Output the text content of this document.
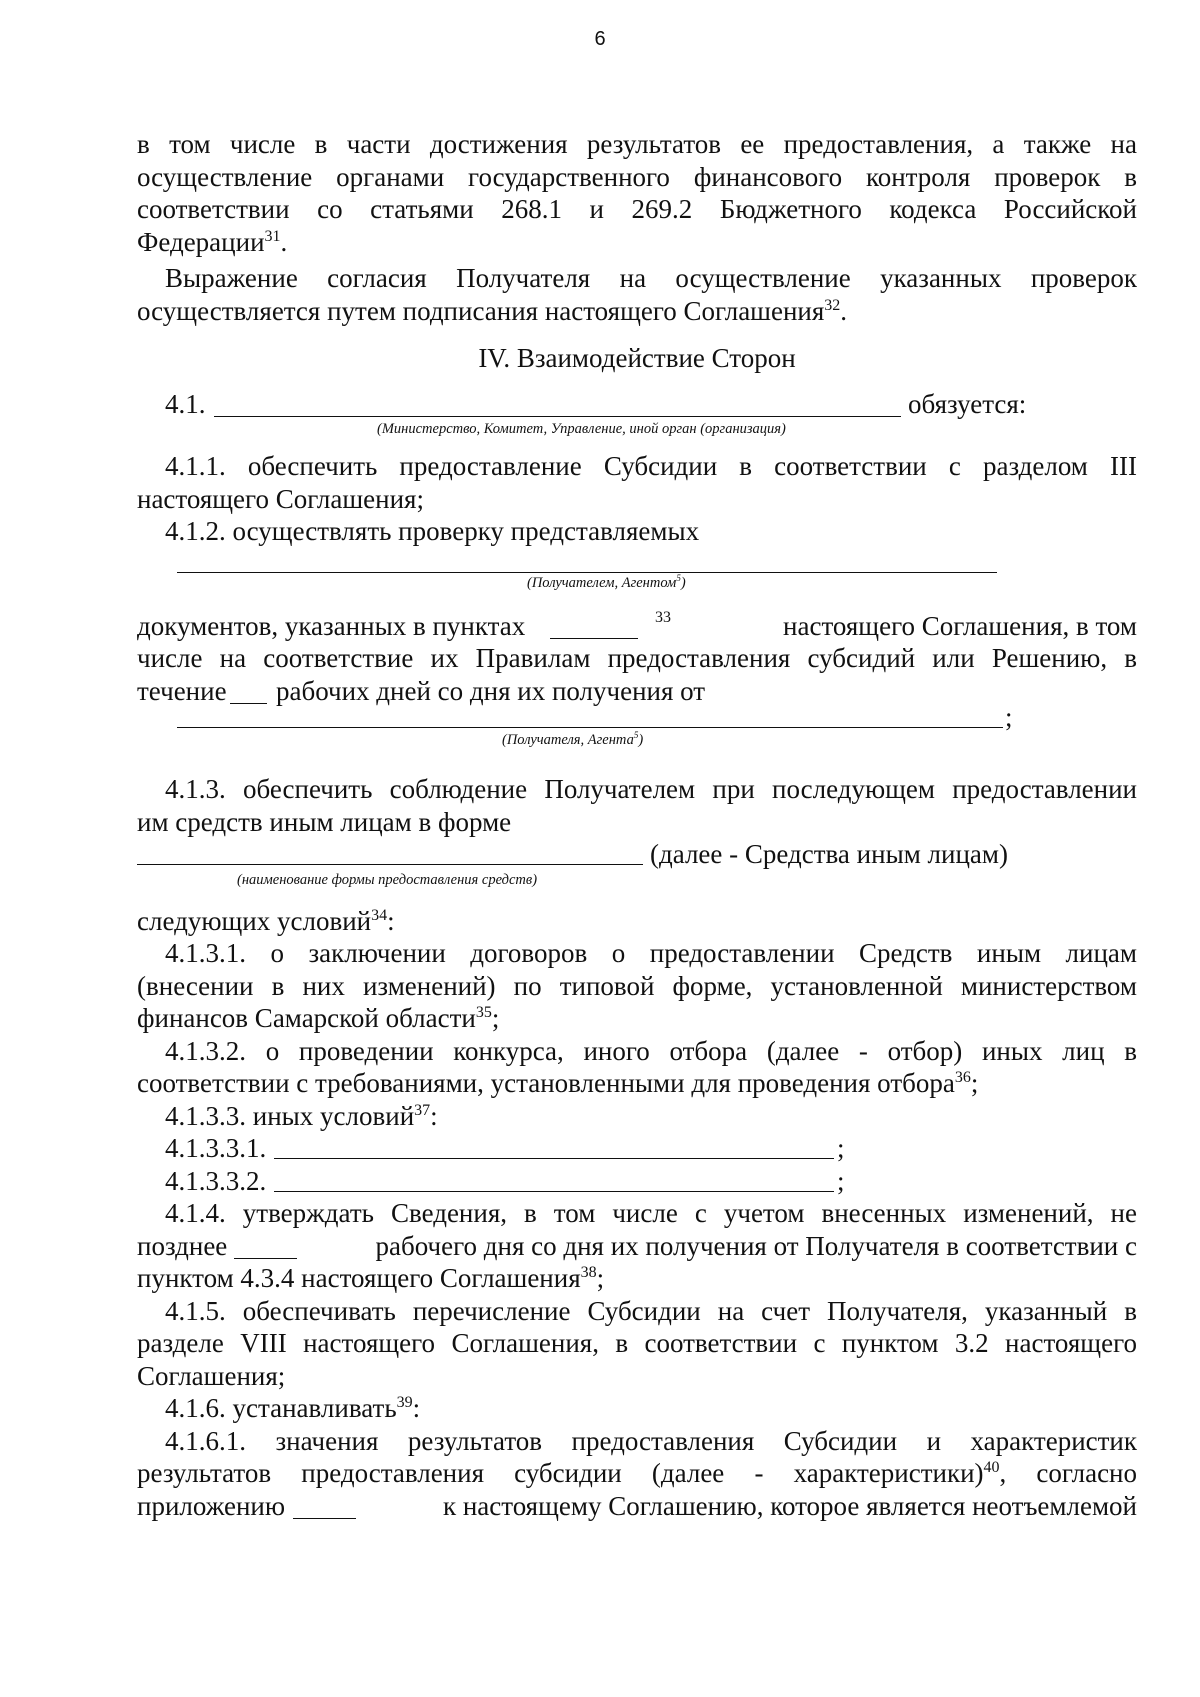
6
в том числе в части достижения результатов ее предоставления, а также на
осуществление органами государственного финансового контроля проверок в
соответствии со статьями 268.1 и 269.2 Бюджетного кодекса Российской
Федерации$^{31}$.
Выражение согласия Получателя на осуществление указанных проверок
осуществляется путем подписания настоящего Соглашения$^{32}$.
IV. Взаимодействие Сторон
4.1.	обязуется:
(Министерство, Комитет, Управление, иной орган (организация)
4.1.1. обеспечить предоставление Субсидии в соответствии с разделом III
настоящего Соглашения;
4.1.2. осуществлять проверку представляемых
(Получателем, Агентом$^5$)
документов, указанных в пунктах	33	настоящего Соглашения, в том
числе на соответствие их Правилам предоставления субсидий или Решению, в
течение рабочих дней со дня их получения от
;
(Получателя, Агента$^5$)
4.1.3. обеспечить соблюдение Получателем при последующем предоставлении
им средств иным лицам в форме
(далее - Средства иным лицам)
(наименование формы предоставления средств)
следующих условий$^{34}$:
4.1.3.1. о заключении договоров о предоставлении Средств иным лицам
(внесении в них изменений) по типовой форме, установленной министерством
финансов Самарской области$^{35}$;
4.1.3.2. о проведении конкурса, иного отбора (далее - отбор) иных лиц в
соответствии с требованиями, установленными для проведения отбора$^{36}$;
4.1.3.3. иных условий$^{37}$:
4.1.3.3.1.	;
4.1.3.3.2.	;
4.1.4. утверждать Сведения, в том числе с учетом внесенных изменений, не
позднее	рабочего дня со дня их получения от Получателя в соответствии с
пунктом 4.3.4 настоящего Соглашения$^{38}$;
4.1.5. обеспечивать перечисление Субсидии на счет Получателя, указанный в
разделе VIII настоящего Соглашения, в соответствии с пунктом 3.2 настоящего
Соглашения;
4.1.6. устанавливать$^{39}$:
4.1.6.1. значения результатов предоставления Субсидии и характеристик
результатов предоставления субсидии (далее - характеристики)$^{40}$, согласно
приложению	к настоящему Соглашению, которое является неотъемлемой
